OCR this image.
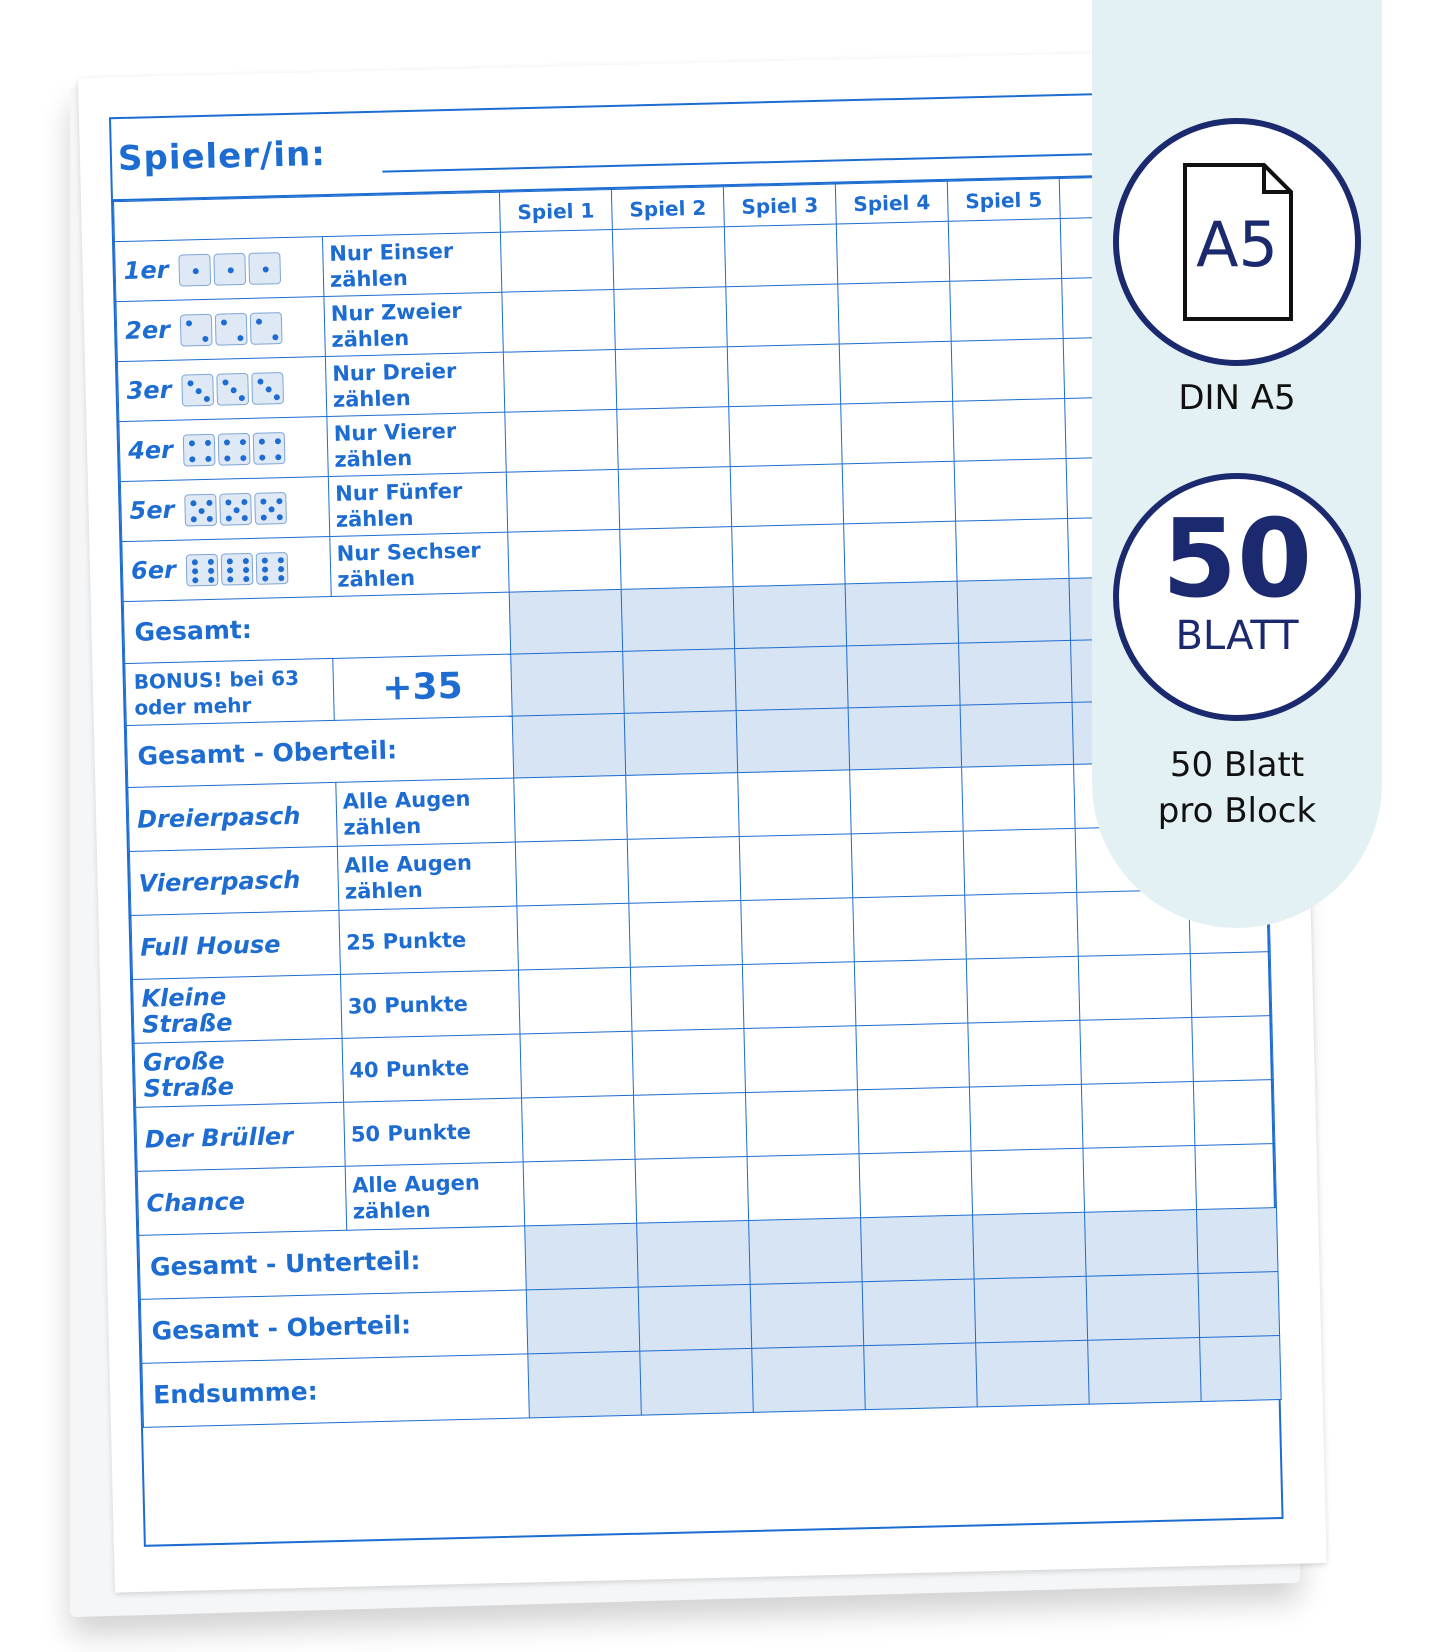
Spieler/in:
		Spiel 1	Spiel 2	Spiel 3	Spiel 4	Spiel 5		
1er	Nur Einser
zählen							
2er	Nur Zweier
zählen							
3er	Nur Dreier
zählen							
4er	Nur Vierer
zählen							
5er	Nur Fünfer
zählen							
6er	Nur Sechser
zählen							
Gesamt:								
BONUS! bei 63
oder mehr	+35							
Gesamt - Oberteil:								
Dreierpasch	Alle Augen
zählen							
Viererpasch	Alle Augen
zählen							
Full House	25 Punkte							
Kleine
Straße	30 Punkte							
Große
Straße	40 Punkte							
Der Brüller	50 Punkte							
Chance	Alle Augen
zählen							
Gesamt - Unterteil:								
Gesamt - Oberteil:								
Endsumme:								
A5
DIN A5
50
BLATT
50 Blatt
pro Block
